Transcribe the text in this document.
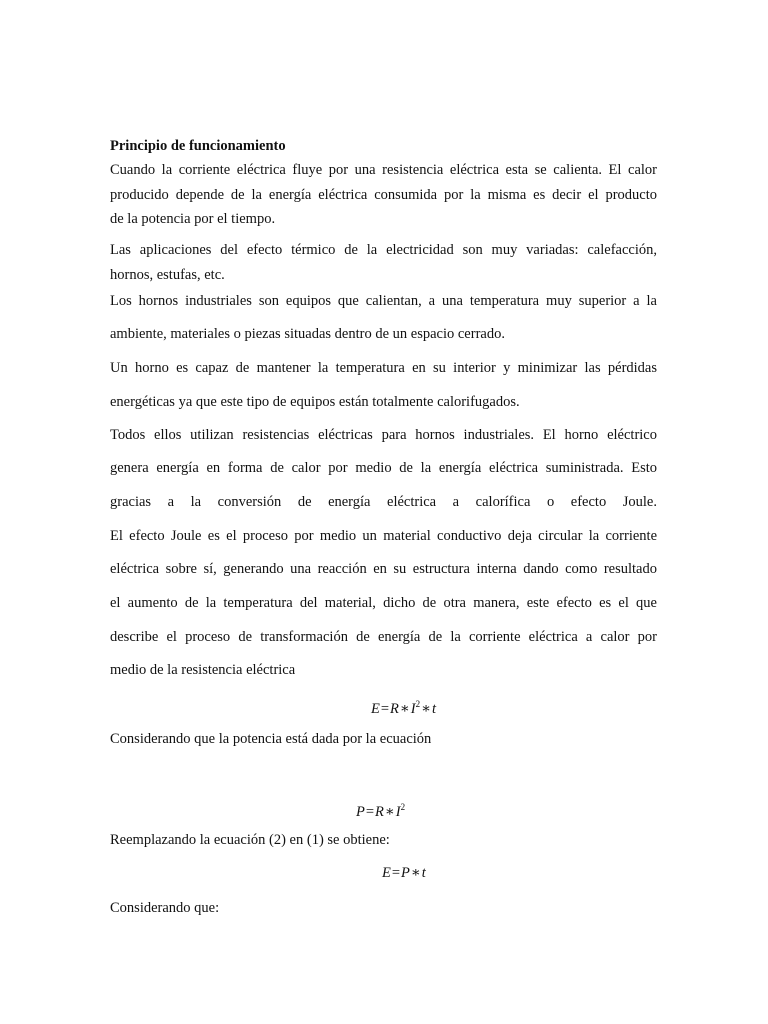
Principio de funcionamiento
Cuando la corriente eléctrica fluye por una resistencia eléctrica esta se calienta. El calor
producido depende de la energía eléctrica consumida por la misma es decir el producto
de la potencia por el tiempo.
Las aplicaciones del efecto térmico de la electricidad son muy variadas: calefacción,
hornos, estufas, etc.
Los hornos industriales son equipos que calientan, a una temperatura muy superior a la
ambiente, materiales o piezas situadas dentro de un espacio cerrado.
Un horno es capaz de mantener la temperatura en su interior y minimizar las pérdidas
energéticas ya que este tipo de equipos están totalmente calorifugados.
Todos ellos utilizan resistencias eléctricas para hornos industriales. El horno eléctrico
genera energía en forma de calor por medio de la energía eléctrica suministrada. Esto
gracias a la conversión de energía eléctrica a calorífica o efecto Joule.
El efecto Joule es el proceso por medio un material conductivo deja circular la corriente
eléctrica sobre sí, generando una reacción en su estructura interna dando como resultado
el aumento de la temperatura del material, dicho de otra manera, este efecto es el que
describe el proceso de transformación de energía de la corriente eléctrica a calor por
medio de la resistencia eléctrica
Considerando que la potencia está dada por la ecuación
Reemplazando la ecuación (2) en (1) se obtiene:
Considerando que:
$E=R∗I^2∗t$
$P=R∗I^2$
E=P∗t
